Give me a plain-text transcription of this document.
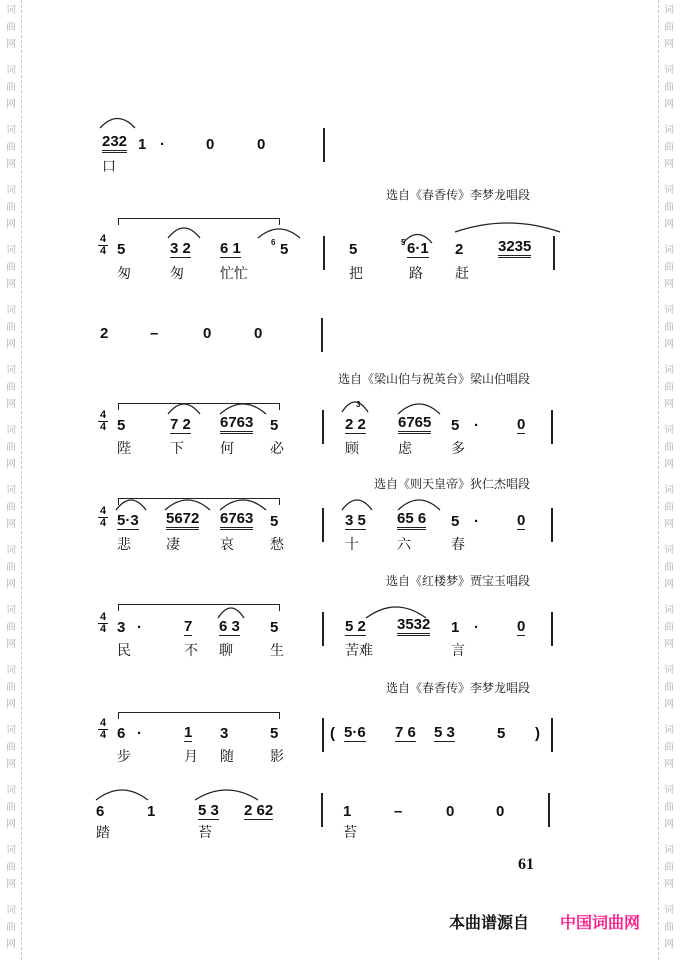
词
曲
网
词
曲
网
词
曲
网
词
曲
网
词
曲
网
词
曲
网
词
曲
网
词
曲
网
词
曲
网
词
曲
网
词
曲
网
词
曲
网
词
曲
网
词
曲
网
词
曲
网
词
曲
网
词
曲
网
词
曲
网
词
曲
网
词
曲
网
词
曲
网
词
曲
网
词
曲
网
词
曲
网
词
曲
网
词
曲
网
词
曲
网
词
曲
网
词
曲
网
词
曲
网
词
曲
网
词
曲
网
232 1 ·	0	0
口
选自《春香传》李梦龙唱段
4
4 5	3 2 6 1	5	5	6·1 2 3235
6	5
匆	匆	忙忙	把	路 赶
2	–	0	0
选自《梁山伯与祝英台》梁山伯唱段
4
4 5	7 2 6763 5	2 2 6765 5 ·	0
3
陛	下	何	必	顾	虑	多
选自《则天皇帝》狄仁杰唱段
4
4 5·3 5672 6763 5	3 5 65 6 5 ·	0
悲	凄	哀	愁	十	六	春
选自《红楼梦》贾宝玉唱段
4
4 3 ·	7 6 3 5	5 2 3532 1 ·	0
民	不 聊	生	苦难	言
选自《春香传》李梦龙唱段
4
4 6 ·	1 3	5	( 5·6 7 6 5 3	5 )
步	月 随	影
6	1	5 3 2 62	1	–	0	0
踏	苔	苔
61
本曲谱源自 中国词曲网
